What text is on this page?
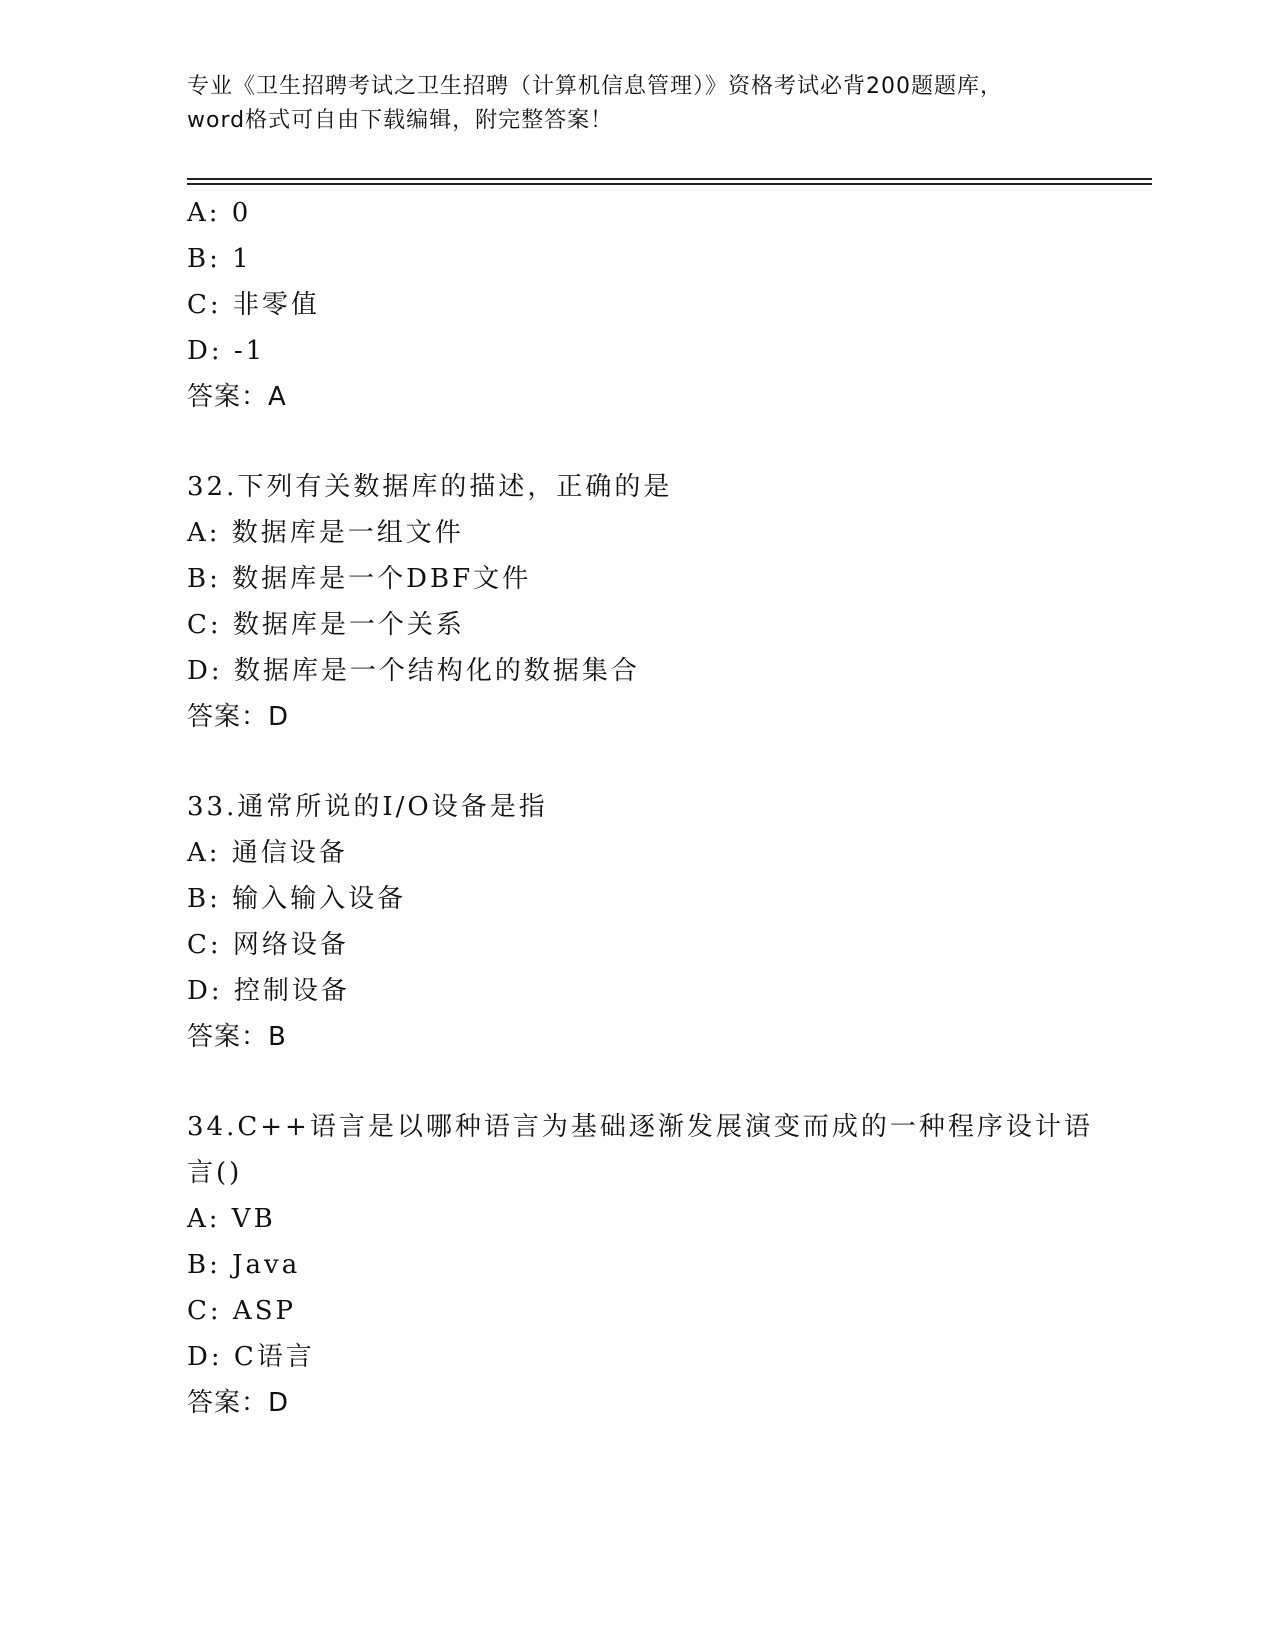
专业《卫生招聘考试之卫生招聘（计算机信息管理）》资格考试必背200题题库，
word格式可自由下载编辑，附完整答案！
A: 0
B: 1
C: 非零值
D: -1
答案：A
32.下列有关数据库的描述，正确的是
A: 数据库是一组文件
B: 数据库是一个DBF文件
C: 数据库是一个关系
D: 数据库是一个结构化的数据集合
答案：D
33.通常所说的I/O设备是指
A: 通信设备
B: 输入输入设备
C: 网络设备
D: 控制设备
答案：B
34.C++语言是以哪种语言为基础逐渐发展演变而成的一种程序设计语
言()
A: VB
B: Java
C: ASP
D: C语言
答案：D
